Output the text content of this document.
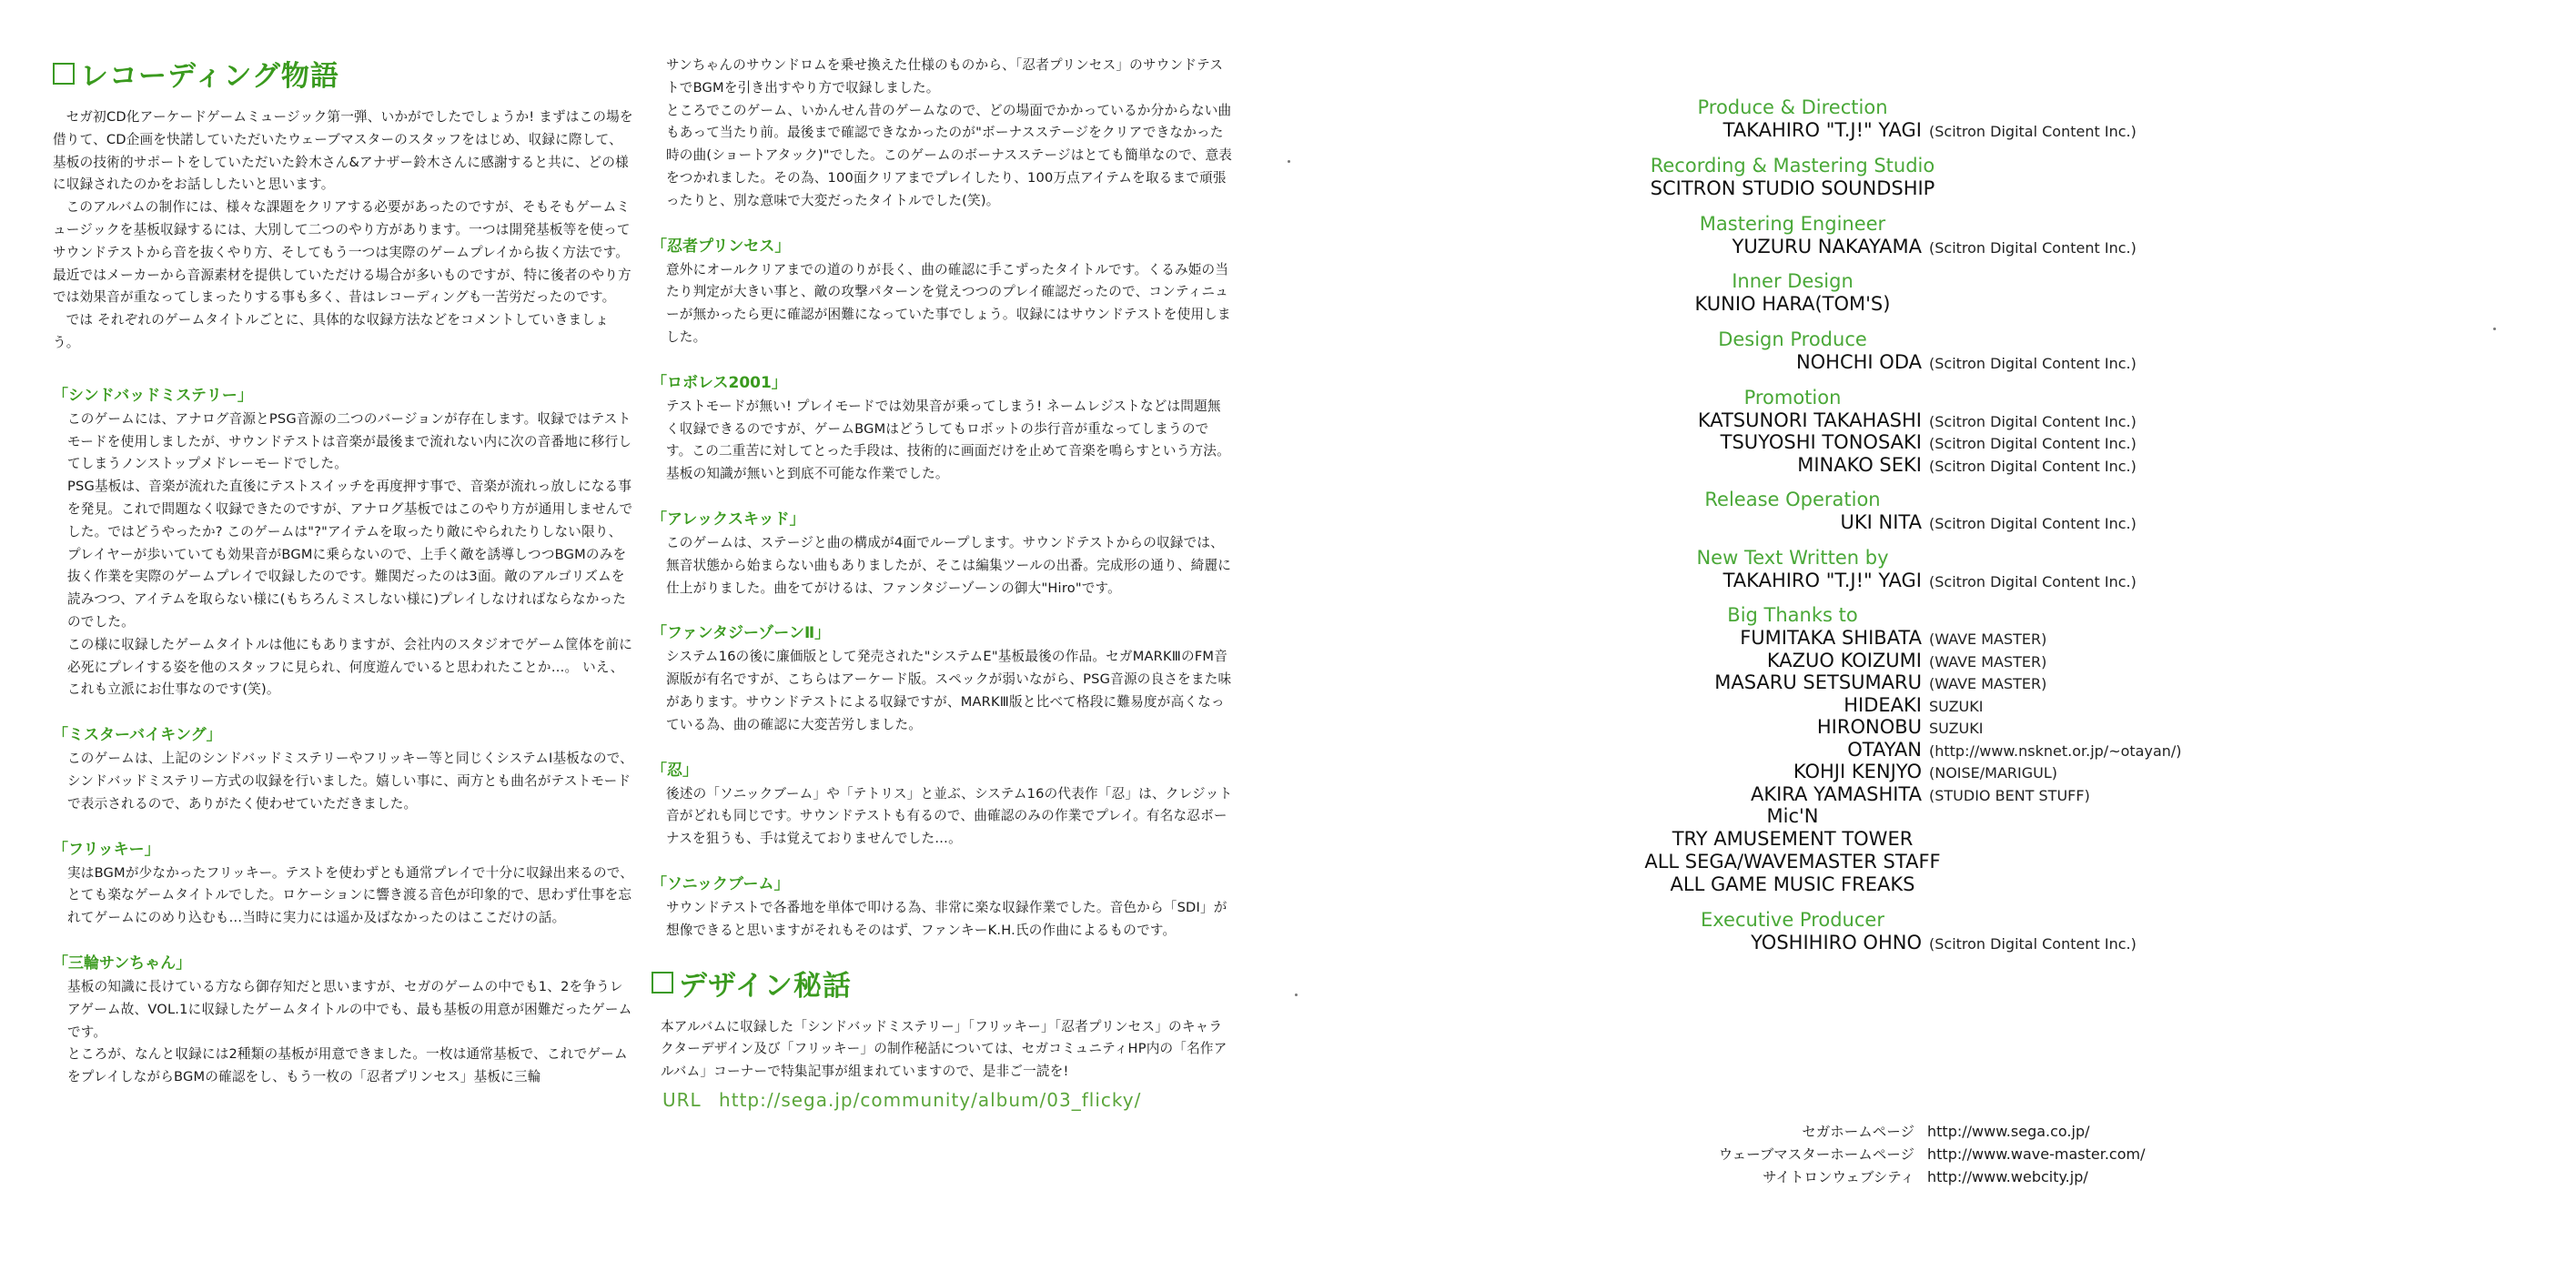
レコーディング物語

セガ初CD化アーケードゲームミュージック第一弾、いかがでしたでしょうか! まずはこの場を借りて、CD企画を快諾していただいたウェーブマスターのスタッフをはじめ、収録に際して、基板の技術的サポートをしていただいた鈴木さん&アナザー鈴木さんに感謝すると共に、どの様に収録されたのかをお話ししたいと思います。

このアルバムの制作には、様々な課題をクリアする必要があったのですが、そもそもゲームミュージックを基板収録するには、大別して二つのやり方があります。一つは開発基板等を使ってサウンドテストから音を抜くやり方、そしてもう一つは実際のゲームプレイから抜く方法です。最近ではメーカーから音源素材を提供していただける場合が多いものですが、特に後者のやり方では効果音が重なってしまったりする事も多く、昔はレコーディングも一苦労だったのです。

では それぞれのゲームタイトルごとに、具体的な収録方法などをコメントしていきましょう。

「シンドバッドミステリー」

このゲームには、アナログ音源とPSG音源の二つのバージョンが存在します。収録ではテストモードを使用しましたが、サウンドテストは音楽が最後まで流れない内に次の音番地に移行してしまうノンストップメドレーモードでした。

PSG基板は、音楽が流れた直後にテストスイッチを再度押す事で、音楽が流れっ放しになる事を発見。これで問題なく収録できたのですが、アナログ基板ではこのやり方が通用しませんでした。ではどうやったか? このゲームは"?"アイテムを取ったり敵にやられたりしない限り、プレイヤーが歩いていても効果音がBGMに乗らないので、上手く敵を誘導しつつBGMのみを抜く作業を実際のゲームプレイで収録したのです。難関だったのは3面。敵のアルゴリズムを読みつつ、アイテムを取らない様に(もちろんミスしない様に)プレイしなければならなかったのでした。

この様に収録したゲームタイトルは他にもありますが、会社内のスタジオでゲーム筐体を前に必死にプレイする姿を他のスタッフに見られ、何度遊んでいると思われたことか…。 いえ、これも立派にお仕事なのです(笑)。

「ミスターバイキング」

このゲームは、上記のシンドバッドミステリーやフリッキー等と同じくシステムⅠ基板なので、シンドバッドミステリー方式の収録を行いました。嬉しい事に、両方とも曲名がテストモードで表示されるので、ありがたく使わせていただきました。

「フリッキー」

実はBGMが少なかったフリッキー。テストを使わずとも通常プレイで十分に収録出来るので、とても楽なゲームタイトルでした。ロケーションに響き渡る音色が印象的で、思わず仕事を忘れてゲームにのめり込むも…当時に実力には遥か及ばなかったのはここだけの話。

「三輪サンちゃん」

基板の知識に長けている方なら御存知だと思いますが、セガのゲームの中でも1、2を争うレアゲーム故、VOL.1に収録したゲームタイトルの中でも、最も基板の用意が困難だったゲームです。

ところが、なんと収録には2種類の基板が用意できました。一枚は通常基板で、これでゲームをプレイしながらBGMの確認をし、もう一枚の「忍者プリンセス」基板に三輪

サンちゃんのサウンドロムを乗せ換えた仕様のものから、「忍者プリンセス」のサウンドテストでBGMを引き出すやり方で収録しました。

ところでこのゲーム、いかんせん昔のゲームなので、どの場面でかかっているか分からない曲もあって当たり前。最後まで確認できなかったのが"ボーナスステージをクリアできなかった時の曲(ショートアタック)"でした。このゲームのボーナスステージはとても簡単なので、意表をつかれました。その為、100面クリアまでプレイしたり、100万点アイテムを取るまで頑張ったりと、別な意味で大変だったタイトルでした(笑)。

「忍者プリンセス」

意外にオールクリアまでの道のりが長く、曲の確認に手こずったタイトルです。くるみ姫の当たり判定が大きい事と、敵の攻撃パターンを覚えつつのプレイ確認だったので、コンティニューが無かったら更に確認が困難になっていた事でしょう。収録にはサウンドテストを使用しました。

「ロボレス2001」

テストモードが無い! プレイモードでは効果音が乗ってしまう! ネームレジストなどは問題無く収録できるのですが、ゲームBGMはどうしてもロボットの歩行音が重なってしまうのです。この二重苦に対してとった手段は、技術的に画面だけを止めて音楽を鳴らすという方法。基板の知識が無いと到底不可能な作業でした。

「アレックスキッド」

このゲームは、ステージと曲の構成が4面でループします。サウンドテストからの収録では、無音状態から始まらない曲もありましたが、そこは編集ツールの出番。完成形の通り、綺麗に仕上がりました。曲をてがけるは、ファンタジーゾーンの御大"Hiro"です。

「ファンタジーゾーンⅡ」

システム16の後に廉価版として発売された"システムE"基板最後の作品。セガMARKⅢのFM音源版が有名ですが、こちらはアーケード版。スペックが弱いながら、PSG音源の良さをまた味があります。サウンドテストによる収録ですが、MARKⅢ版と比べて格段に難易度が高くなっている為、曲の確認に大変苦労しました。

「忍」

後述の「ソニックブーム」や「テトリス」と並ぶ、システム16の代表作「忍」は、クレジット音がどれも同じです。サウンドテストも有るので、曲確認のみの作業でプレイ。有名な忍ボーナスを狙うも、手は覚えておりませんでした…。

「ソニックブーム」

サウンドテストで各番地を単体で叩ける為、非常に楽な収録作業でした。音色から「SDI」が想像できると思いますがそれもそのはず、ファンキーK.H.氏の作曲によるものです。

デザイン秘話

本アルバムに収録した「シンドバッドミステリー」「フリッキー」「忍者プリンセス」のキャラクターデザイン及び「フリッキー」の制作秘話については、セガコミュニティHP内の「名作アルバム」コーナーで特集記事が組まれていますので、是非ご一読を!

URL http://sega.jp/community/album/03_flicky/
Produce & Direction
TAKAHIRO "T.J!" YAGI (Scitron Digital Content Inc.)
Recording & Mastering Studio
SCITRON STUDIO SOUNDSHIP
Mastering Engineer
YUZURU NAKAYAMA (Scitron Digital Content Inc.)
Inner Design
KUNIO HARA(TOM'S)
Design Produce
NOHCHI ODA (Scitron Digital Content Inc.)
Promotion
KATSUNORI TAKAHASHI (Scitron Digital Content Inc.)
TSUYOSHI TONOSAKI (Scitron Digital Content Inc.)
MINAKO SEKI (Scitron Digital Content Inc.)
Release Operation
UKI NITA (Scitron Digital Content Inc.)
New Text Written by
TAKAHIRO "T.J!" YAGI (Scitron Digital Content Inc.)
Big Thanks to
FUMITAKA SHIBATA (WAVE MASTER)
KAZUO KOIZUMI (WAVE MASTER)
MASARU SETSUMARU (WAVE MASTER)
HIDEAKI SUZUKI
HIRONOBU SUZUKI
OTAYAN (http://www.nsknet.or.jp/~otayan/)
KOHJI KENJYO (NOISE/MARIGUL)
AKIRA YAMASHITA (STUDIO BENT STUFF)
Mic'N
TRY AMUSEMENT TOWER
ALL SEGA/WAVEMASTER STAFF
ALL GAME MUSIC FREAKS
Executive Producer
YOSHIHIRO OHNO (Scitron Digital Content Inc.)
セガホームページ http://www.sega.co.jp/
ウェーブマスターホームページ http://www.wave-master.com/
サイトロンウェブシティ http://www.webcity.jp/
